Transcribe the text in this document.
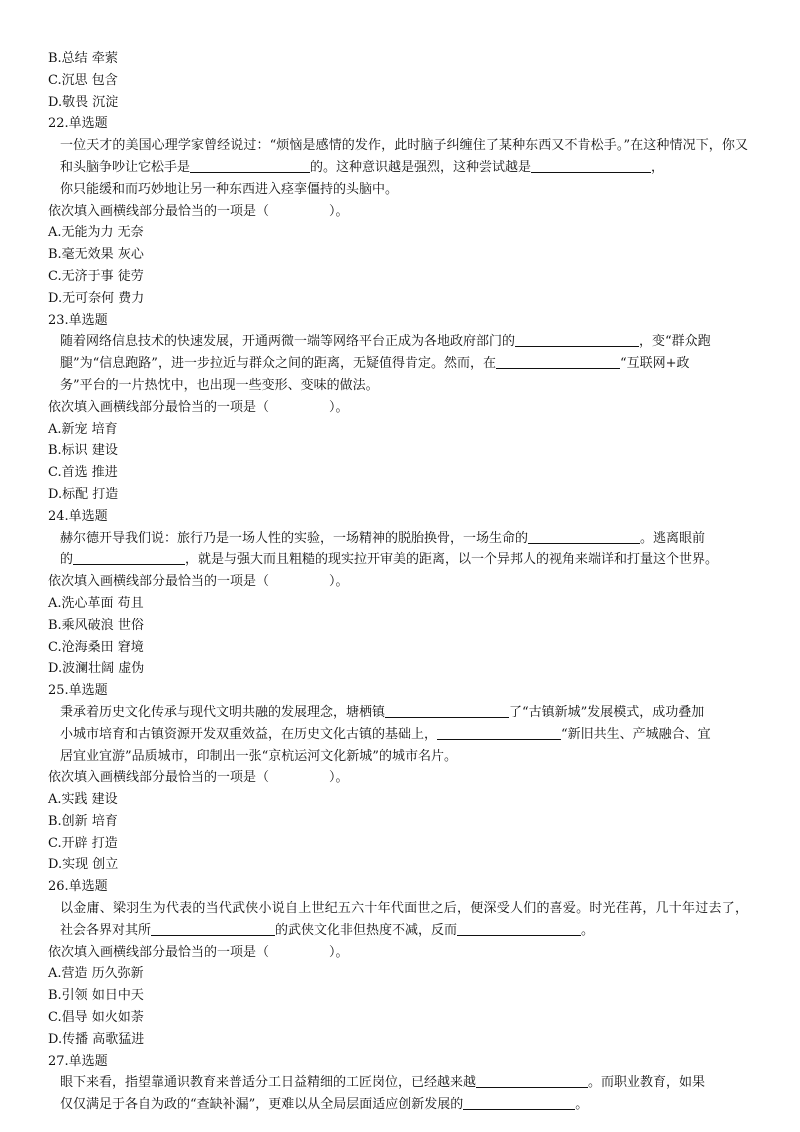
B.总结 牵萦
C.沉思 包含
D.敬畏 沉淀
22.单选题
一位天才的美国心理学家曾经说过：“烦恼是感情的发作，此时脑子纠缠住了某种东西又不肯松手。”在这种情况下，你又和头脑争吵让它松手是	的。这种意识越是强烈，这种尝试越是	，
你只能缓和而巧妙地让另一种东西进入痉挛僵持的头脑中。
依次填入画横线部分最恰当的一项是（	）。
A.无能为力 无奈
B.毫无效果 灰心
C.无济于事 徒劳
D.无可奈何 费力
23.单选题
随着网络信息技术的快速发展，开通两微一端等网络平台正成为各地政府部门的	，变“群众跑
腿”为“信息跑路”，进一步拉近与群众之间的距离，无疑值得肯定。然而，在	“互联网+政
务”平台的一片热忱中，也出现一些变形、变味的做法。
依次填入画横线部分最恰当的一项是（	）。
A.新宠 培育
B.标识 建设
C.首选 推进
D.标配 打造
24.单选题
赫尔德开导我们说：旅行乃是一场人性的实验，一场精神的脱胎换骨，一场生命的	。逃离眼前
的	，就是与强大而且粗糙的现实拉开审美的距离，以一个异邦人的视角来端详和打量这个世界。
依次填入画横线部分最恰当的一项是（	）。
A.洗心革面 苟且
B.乘风破浪 世俗
C.沧海桑田 窘境
D.波澜壮阔 虚伪
25.单选题
秉承着历史文化传承与现代文明共融的发展理念，塘栖镇	了“古镇新城”发展模式，成功叠加
小城市培育和古镇资源开发双重效益，在历史文化古镇的基础上，	“新旧共生、产城融合、宜
居宜业宜游”品质城市，印制出一张“京杭运河文化新城”的城市名片。
依次填入画横线部分最恰当的一项是（	）。
A.实践 建设
B.创新 培育
C.开辟 打造
D.实现 创立
26.单选题
以金庸、梁羽生为代表的当代武侠小说自上世纪五六十年代面世之后，便深受人们的喜爱。时光荏苒，几十年过去了，社会各界对其所	的武侠文化非但热度不减，反而	。
依次填入画横线部分最恰当的一项是（	）。
A.营造 历久弥新
B.引领 如日中天
C.倡导 如火如荼
D.传播 高歌猛进
27.单选题
眼下来看，指望靠通识教育来普适分工日益精细的工匠岗位，已经越来越	。而职业教育，如果
仅仅满足于各自为政的“查缺补漏”，更难以从全局层面适应创新发展的	。
